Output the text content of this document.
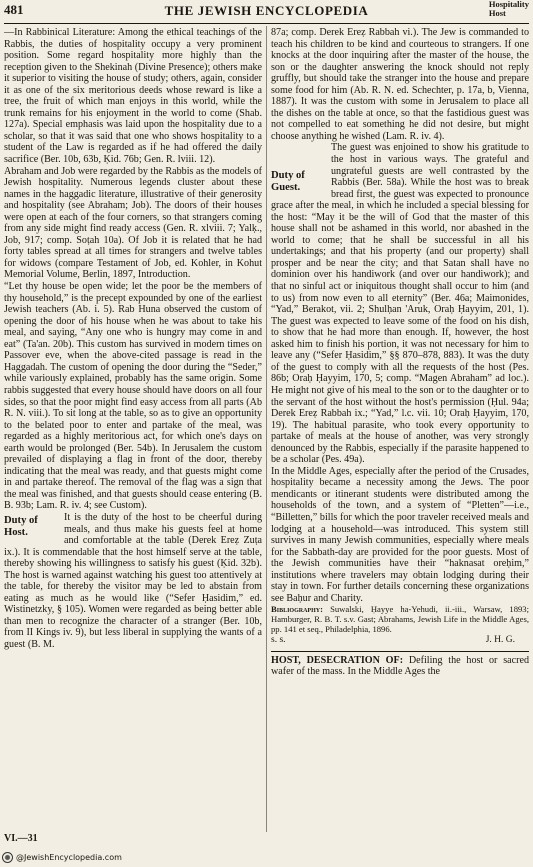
481	THE JEWISH ENCYCLOPEDIA	Hospitality
Host

—In Rabbinical Literature: Among the ethical teachings of the Rabbis, the duties of hospitality occupy a very prominent position. Some regard hospitality more highly than the reception given to the Shekinah (Divine Presence); others make it superior to visiting the house of study; others, again, consider it as one of the six meritorious deeds whose reward is like a tree, the fruit of which man enjoys in this world, while the trunk remains for his enjoyment in the world to come (Shab. 127a). Special emphasis was laid upon the hospitality due to a scholar, so that it was said that one who shows hospitality to a student of the Law is regarded as if he had offered the daily sacrifice (Ber. 10b, 63b, Ḳid. 76b; Gen. R. lviii. 12).

Abraham and Job were regarded by the Rabbis as the models of Jewish hospitality. Numerous legends cluster about these names in the haggadic literature, illustrative of their generosity and hospitality (see Abraham; Job). The doors of their houses were open at each of the four corners, so that strangers coming from any side might find ready access (Gen. R. xlviii. 7; Yalḳ., Job, 917; comp. Soṭah 10a). Of Job it is related that he had forty tables spread at all times for strangers and twelve tables for widows (compare Testament of Job, ed. Kohler, in Kohut Memorial Volume, Berlin, 1897, Introduction.

“Let thy house be open wide; let the poor be the members of thy household,” is the precept expounded by one of the earliest Jewish teachers (Ab. i. 5). Rab Huna observed the custom of opening the door of his house when he was about to take his meal, and saying, “Any one who is hungry may come in and eat” (Ta'an. 20b). This custom has survived in modern times on Passover eve, when the above-cited passage is read in the Haggadah. The custom of opening the door during the “Seder,” while variously explained, probably has the same origin. Some rabbis suggested that every house should have doors on all four sides, so that the poor might find easy access from all parts (Ab R. N. viii.). To sit long at the table, so as to give an opportunity to the belated poor to enter and partake of the meal, was regarded as a highly meritorious act, for which one's days on earth would be prolonged (Ber. 54b). In Jerusalem the custom prevailed of displaying a flag in front of the door, thereby indicating that the meal was ready, and that guests might come in and partake thereof. The removal of the flag was a sign that the meal was finished, and that guests should cease entering (B. B. 93b; Lam. R. iv. 4; see Custom).

Duty of Host.

It is the duty of the host to be cheerful during meals, and thus make his guests feel at home and comfortable at the table (Derek Ereẓ Zuṭa ix.). It is commendable that the host himself serve at the table, thereby showing his willingness to satisfy his guest (Ḳid. 32b). The host is warned against watching his guest too attentively at the table, for thereby the visitor may be led to abstain from eating as much as he would like (“Sefer Ḥasidim,” ed. Wistinetzky, § 105). Women were regarded as being better able than men to recognize the character of a stranger (Ber. 10b, from II Kings iv. 9), but less liberal in supplying the wants of a guest (B. M.

87a; comp. Derek Ereẓ Rabbah vi.). The Jew is commanded to teach his children to be kind and courteous to strangers. If one knocks at the door inquiring after the master of the house, the son or the daughter answering the knock should not reply gruffly, but should take the stranger into the house and prepare some food for him (Ab. R. N. ed. Schechter, p. 17a, b, Vienna, 1887). It was the custom with some in Jerusalem to place all the dishes on the table at once, so that the fastidious guest was not compelled to eat something he did not desire, but might choose anything he wished (Lam. R. iv. 4).

Duty of Guest.

The guest was enjoined to show his gratitude to the host in various ways. The grateful and ungrateful guests are well contrasted by the Rabbis (Ber. 58a). While the host was to break bread first, the guest was expected to pronounce grace after the meal, in which he included a special blessing for the host: “May it be the will of God that the master of this house shall not be ashamed in this world, nor abashed in the world to come; that he shall be successful in all his undertakings; and that his property (and our property) shall prosper and be near the city; and that Satan shall have no dominion over his handiwork (and over our handiwork); and that no sinful act or iniquitous thought shall occur to him (and to us) from now even to all eternity” (Ber. 46a; Maimonides, “Yad,” Berakot, vii. 2; Shulḥan 'Aruk, Oraḥ Ḥayyim, 201, 1). The guest was expected to leave some of the food on his dish, to show that he had more than enough. If, however, the host asked him to finish his portion, it was not necessary for him to leave any (“Sefer Ḥasidim,” §§ 870–878, 883). It was the duty of the guest to comply with all the requests of the host (Pes. 86b; Oraḥ Ḥayyim, 170, 5; comp. “Magen Abraham” ad loc.). He might not give of his meal to the son or to the daughter or to the servant of the host without the host's permission (Ḥul. 94a; Derek Ereẓ Rabbah ix.; “Yad,” l.c. vii. 10; Oraḥ Ḥayyim, 170, 19). The habitual parasite, who took every opportunity to partake of meals at the house of another, was very strongly denounced by the Rabbis, especially if the parasite happened to be a scholar (Pes. 49a).

In the Middle Ages, especially after the period of the Crusades, hospitality became a necessity among the Jews. The poor mendicants or itinerant students were distributed among the households of the town, and a system of “Pletten”—i.e., “Billetten,” bills for which the poor traveler received meals and lodging at a household—was introduced. This system still survives in many Jewish communities, especially where meals for the Sabbath-day are provided for the poor guests. Most of the Jewish communities have their “haknasat oreḥim,” institutions where travelers may obtain lodging during their stay in town. For further details concerning these organizations see Baḥur and Charity.

Bibliography: Suwalski, Ḥayye ha-Yehudi, ii.-iii., Warsaw, 1893; Hamburger, R. B. T. s.v. Gast; Abrahams, Jewish Life in the Middle Ages, pp. 141 et seq., Philadelphia, 1896.

s. s.	J. H. G.

HOST, DESECRATION OF: Defiling the host or sacred wafer of the mass. In the Middle Ages the

VI.—31
@JewishEncyclopedia.com
